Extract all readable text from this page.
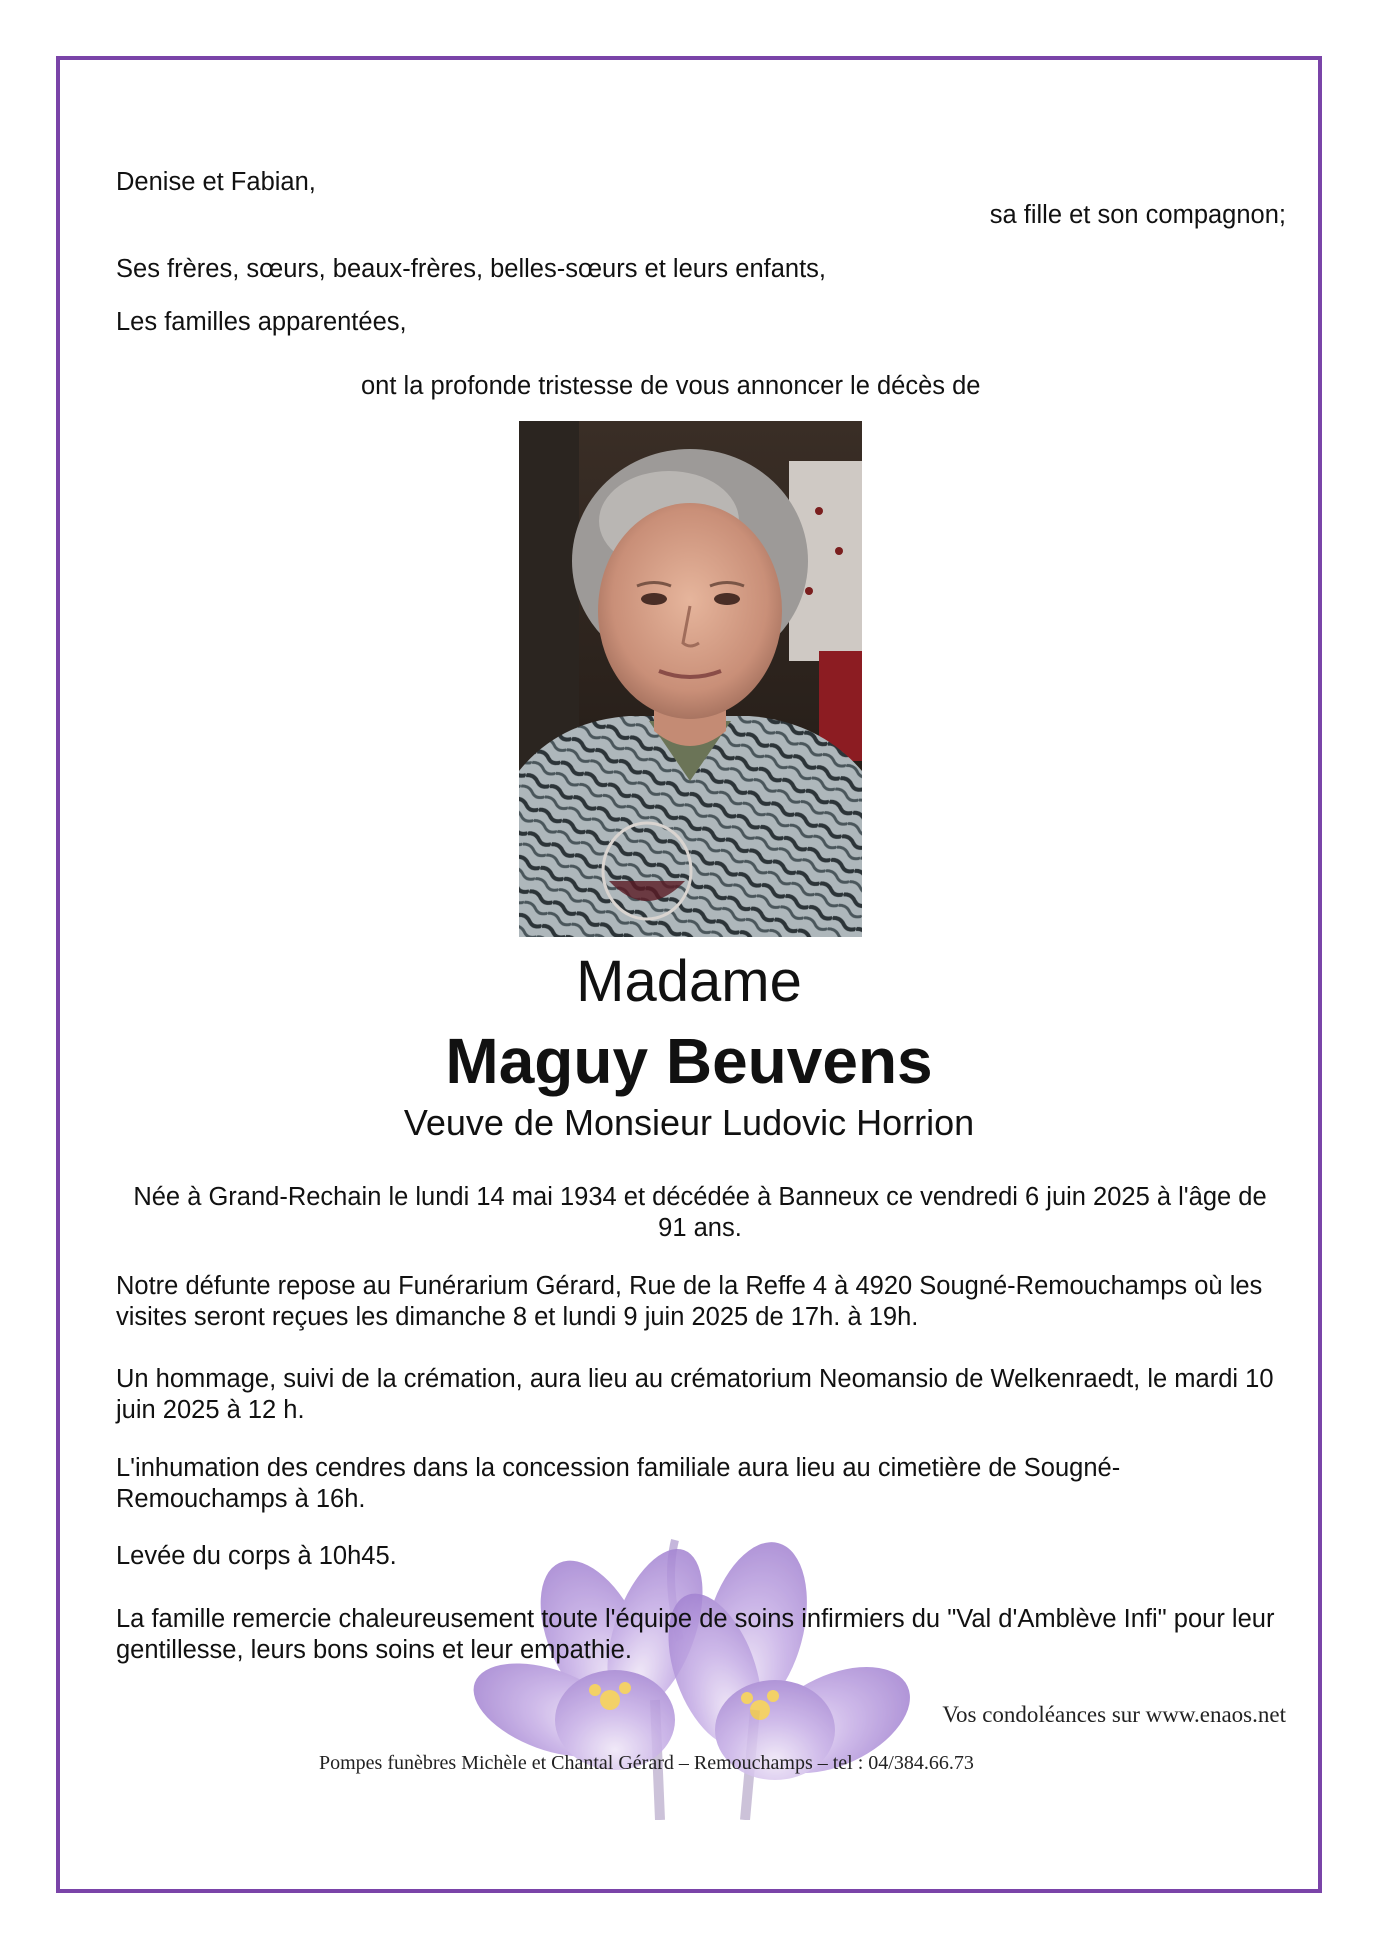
Denise et Fabian,
sa fille et son compagnon;
Ses frères, sœurs, beaux-frères, belles-sœurs et leurs enfants,
Les familles apparentées,
ont la profonde tristesse de vous annoncer le décès de
Madame
Maguy Beuvens
Veuve de Monsieur Ludovic Horrion
Née à Grand-Rechain le lundi 14 mai 1934 et décédée à Banneux ce vendredi 6 juin 2025 à l'âge de 91 ans.
Notre défunte repose au Funérarium Gérard, Rue de la Reffe 4 à 4920 Sougné-Remouchamps où les visites seront reçues les dimanche 8 et lundi 9 juin 2025 de 17h. à 19h.
Un hommage, suivi de la crémation, aura lieu au crématorium Neomansio de Welkenraedt, le mardi 10 juin 2025 à 12 h.
L'inhumation des cendres dans la concession familiale aura lieu au cimetière de Sougné-Remouchamps à 16h.
Levée du corps à 10h45.
La famille remercie chaleureusement toute l'équipe de soins infirmiers du "Val d'Amblève Infi" pour leur gentillesse, leurs bons soins et leur empathie.
Vos condoléances sur www.enaos.net
Pompes funèbres Michèle et Chantal Gérard – Remouchamps – tel : 04/384.66.73
